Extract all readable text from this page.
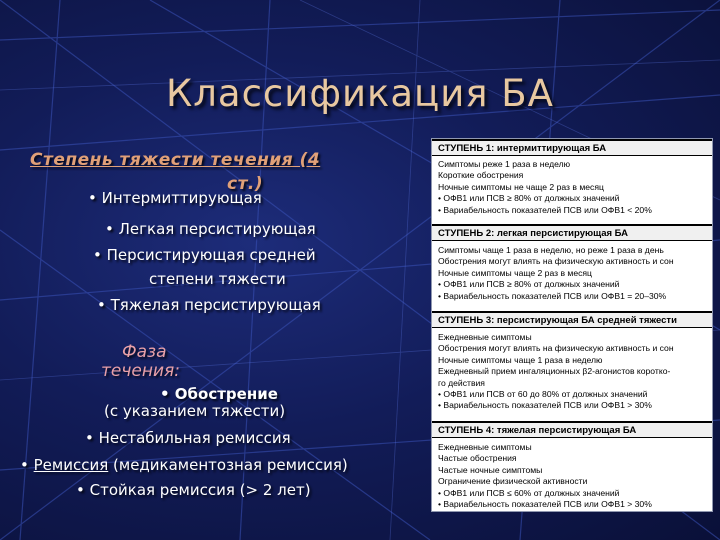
Классификация БА
Степень тяжести течения (4
ст.)
• Интермиттирующая
• Легкая персистирующая
• Персистирующая средней
степени тяжести
• Тяжелая персистирующая
Фаза
течения:
• Обострение
(с указанием тяжести)
• Нестабильная ремиссия
• Ремиссия (медикаментозная ремиссия)
• Стойкая ремиссия (> 2 лет)
СТУПЕНЬ 1: интермиттирующая БА
Симптомы реже 1 раза в неделю
Короткие обострения
Ночные симптомы не чаще 2 раз в месяц
• ОФВ1 или ПСВ ≥ 80% от должных значений
• Вариабельность показателей ПСВ или ОФВ1 < 20%
СТУПЕНЬ 2: легкая персистирующая БА
Симптомы чаще 1 раза в неделю, но реже 1 раза в день
Обострения могут влиять на физическую активность и сон
Ночные симптомы чаще 2 раз в месяц
• ОФВ1 или ПСВ ≥ 80% от должных значений
• Вариабельность показателей ПСВ или ОФВ1 = 20–30%
СТУПЕНЬ 3: персистирующая БА средней тяжести
Ежедневные симптомы
Обострения могут влиять на физическую активность и сон
Ночные симптомы чаще 1 раза в неделю
Ежедневный прием ингаляционных β2-агонистов коротко-
го действия
• ОФВ1 или ПСВ от 60 до 80% от должных значений
• Вариабельность показателей ПСВ или ОФВ1 > 30%
СТУПЕНЬ 4: тяжелая персистирующая БА
Ежедневные симптомы
Частые обострения
Частые ночные симптомы
Ограничение физической активности
• ОФВ1 или ПСВ ≤ 60% от должных значений
• Вариабельность показателей ПСВ или ОФВ1 > 30%
